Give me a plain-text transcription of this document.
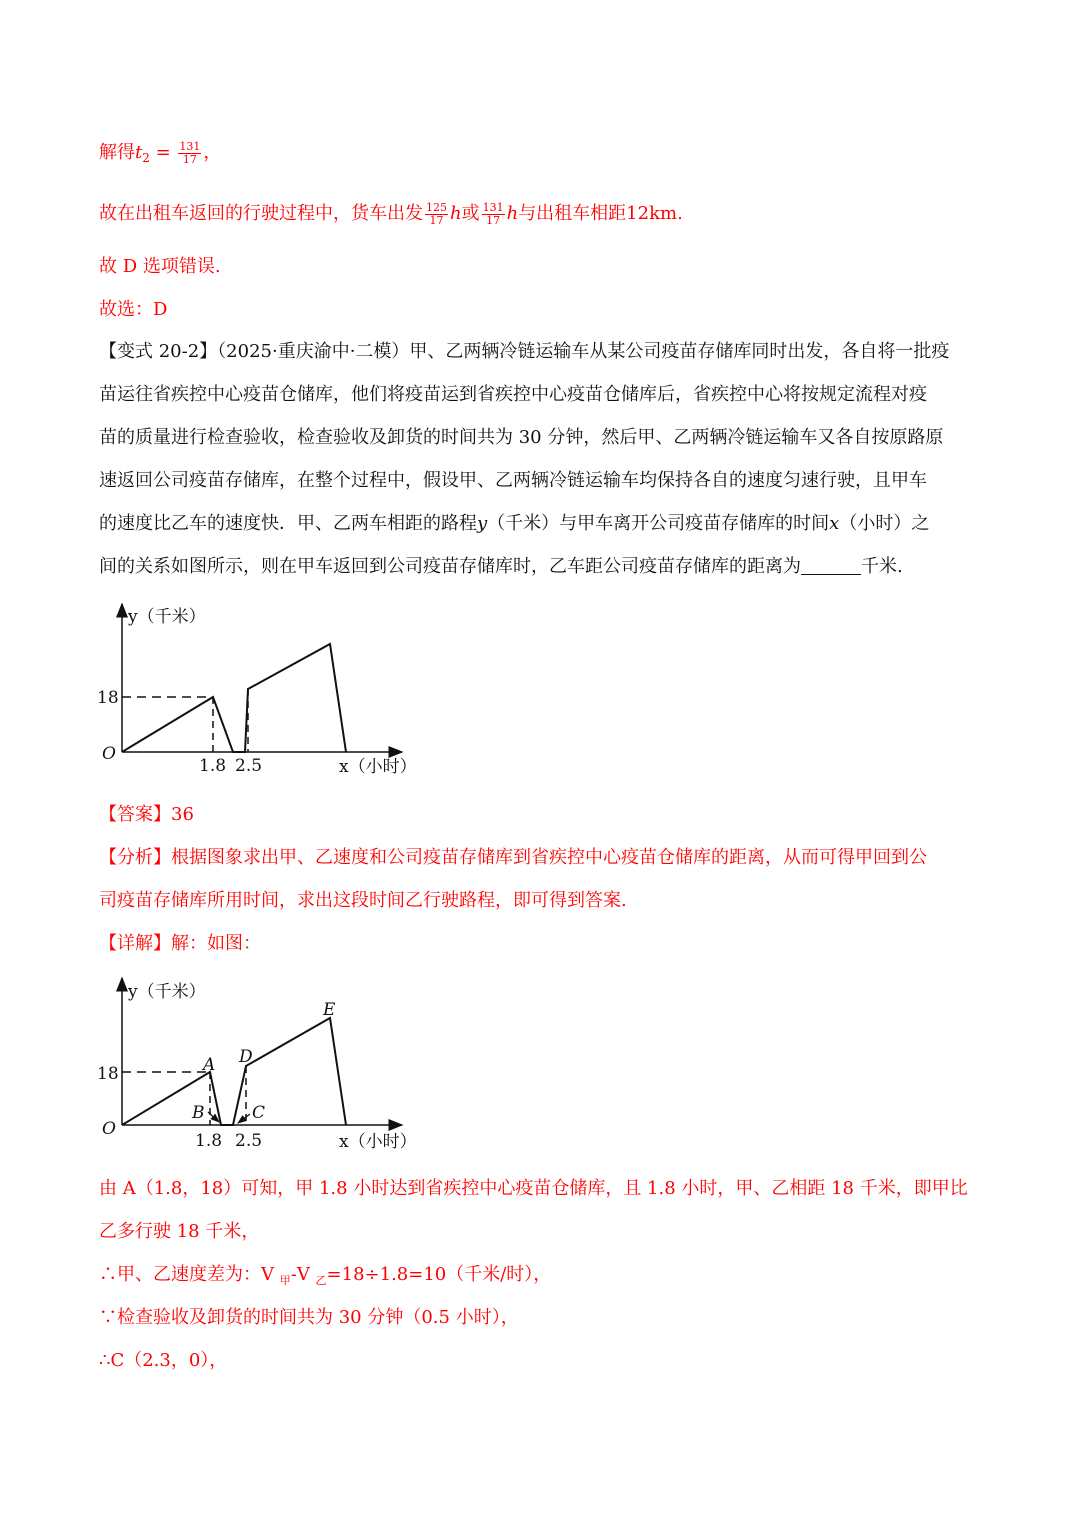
解得$t_2 = \frac{131}{17}$ ，
故在出租车返回的行驶过程中，货车出发 $\frac{125}{17}$ h或 $\frac{131}{17}$ h与出租车相距12km.
故 D 选项错误.
故选：D
【变式 20-2】（2025·重庆渝中·二模）甲、乙两辆冷链运输车从某公司疫苗存储库同时出发，各自将一批疫
苗运往省疾控中心疫苗仓储库，他们将疫苗运到省疾控中心疫苗仓储库后，省疾控中心将按规定流程对疫
苗的质量进行检查验收，检查验收及卸货的时间共为 30 分钟，然后甲、乙两辆冷链运输车又各自按原路原
速返回公司疫苗存储库，在整个过程中，假设甲、乙两辆冷链运输车均保持各自的速度匀速行驶，且甲车
的速度比乙车的速度快．甲、乙两车相距的路程y（千米）与甲车离开公司疫苗存储库的时间x（小时）之
间的关系如图所示，则在甲车返回到公司疫苗存储库时，乙车距公司疫苗存储库的距离为	千米.
y（千米）
x（小时）
O
18
1.8 2.5
【答案】36
【分析】根据图象求出甲、乙速度和公司疫苗存储库到省疾控中心疫苗仓储库的距离，从而可得甲回到公
司疫苗存储库所用时间，求出这段时间乙行驶路程，即可得到答案.
【详解】解：如图：
y（千米）
x（小时）
O
18
1.8 2.5
A
B	C
D
E
由 A（1.8，18）可知，甲 1.8 小时达到省疾控中心疫苗仓储库，且 1.8 小时，甲、乙相距 18 千米，即甲比
乙多行驶 18 千米，
∴甲、乙速度差为：V $_甲$-V $_乙$=18÷1.8=10（千米/时），
∵检查验收及卸货的时间共为 30 分钟（0.5 小时），
∴C（2.3，0），
